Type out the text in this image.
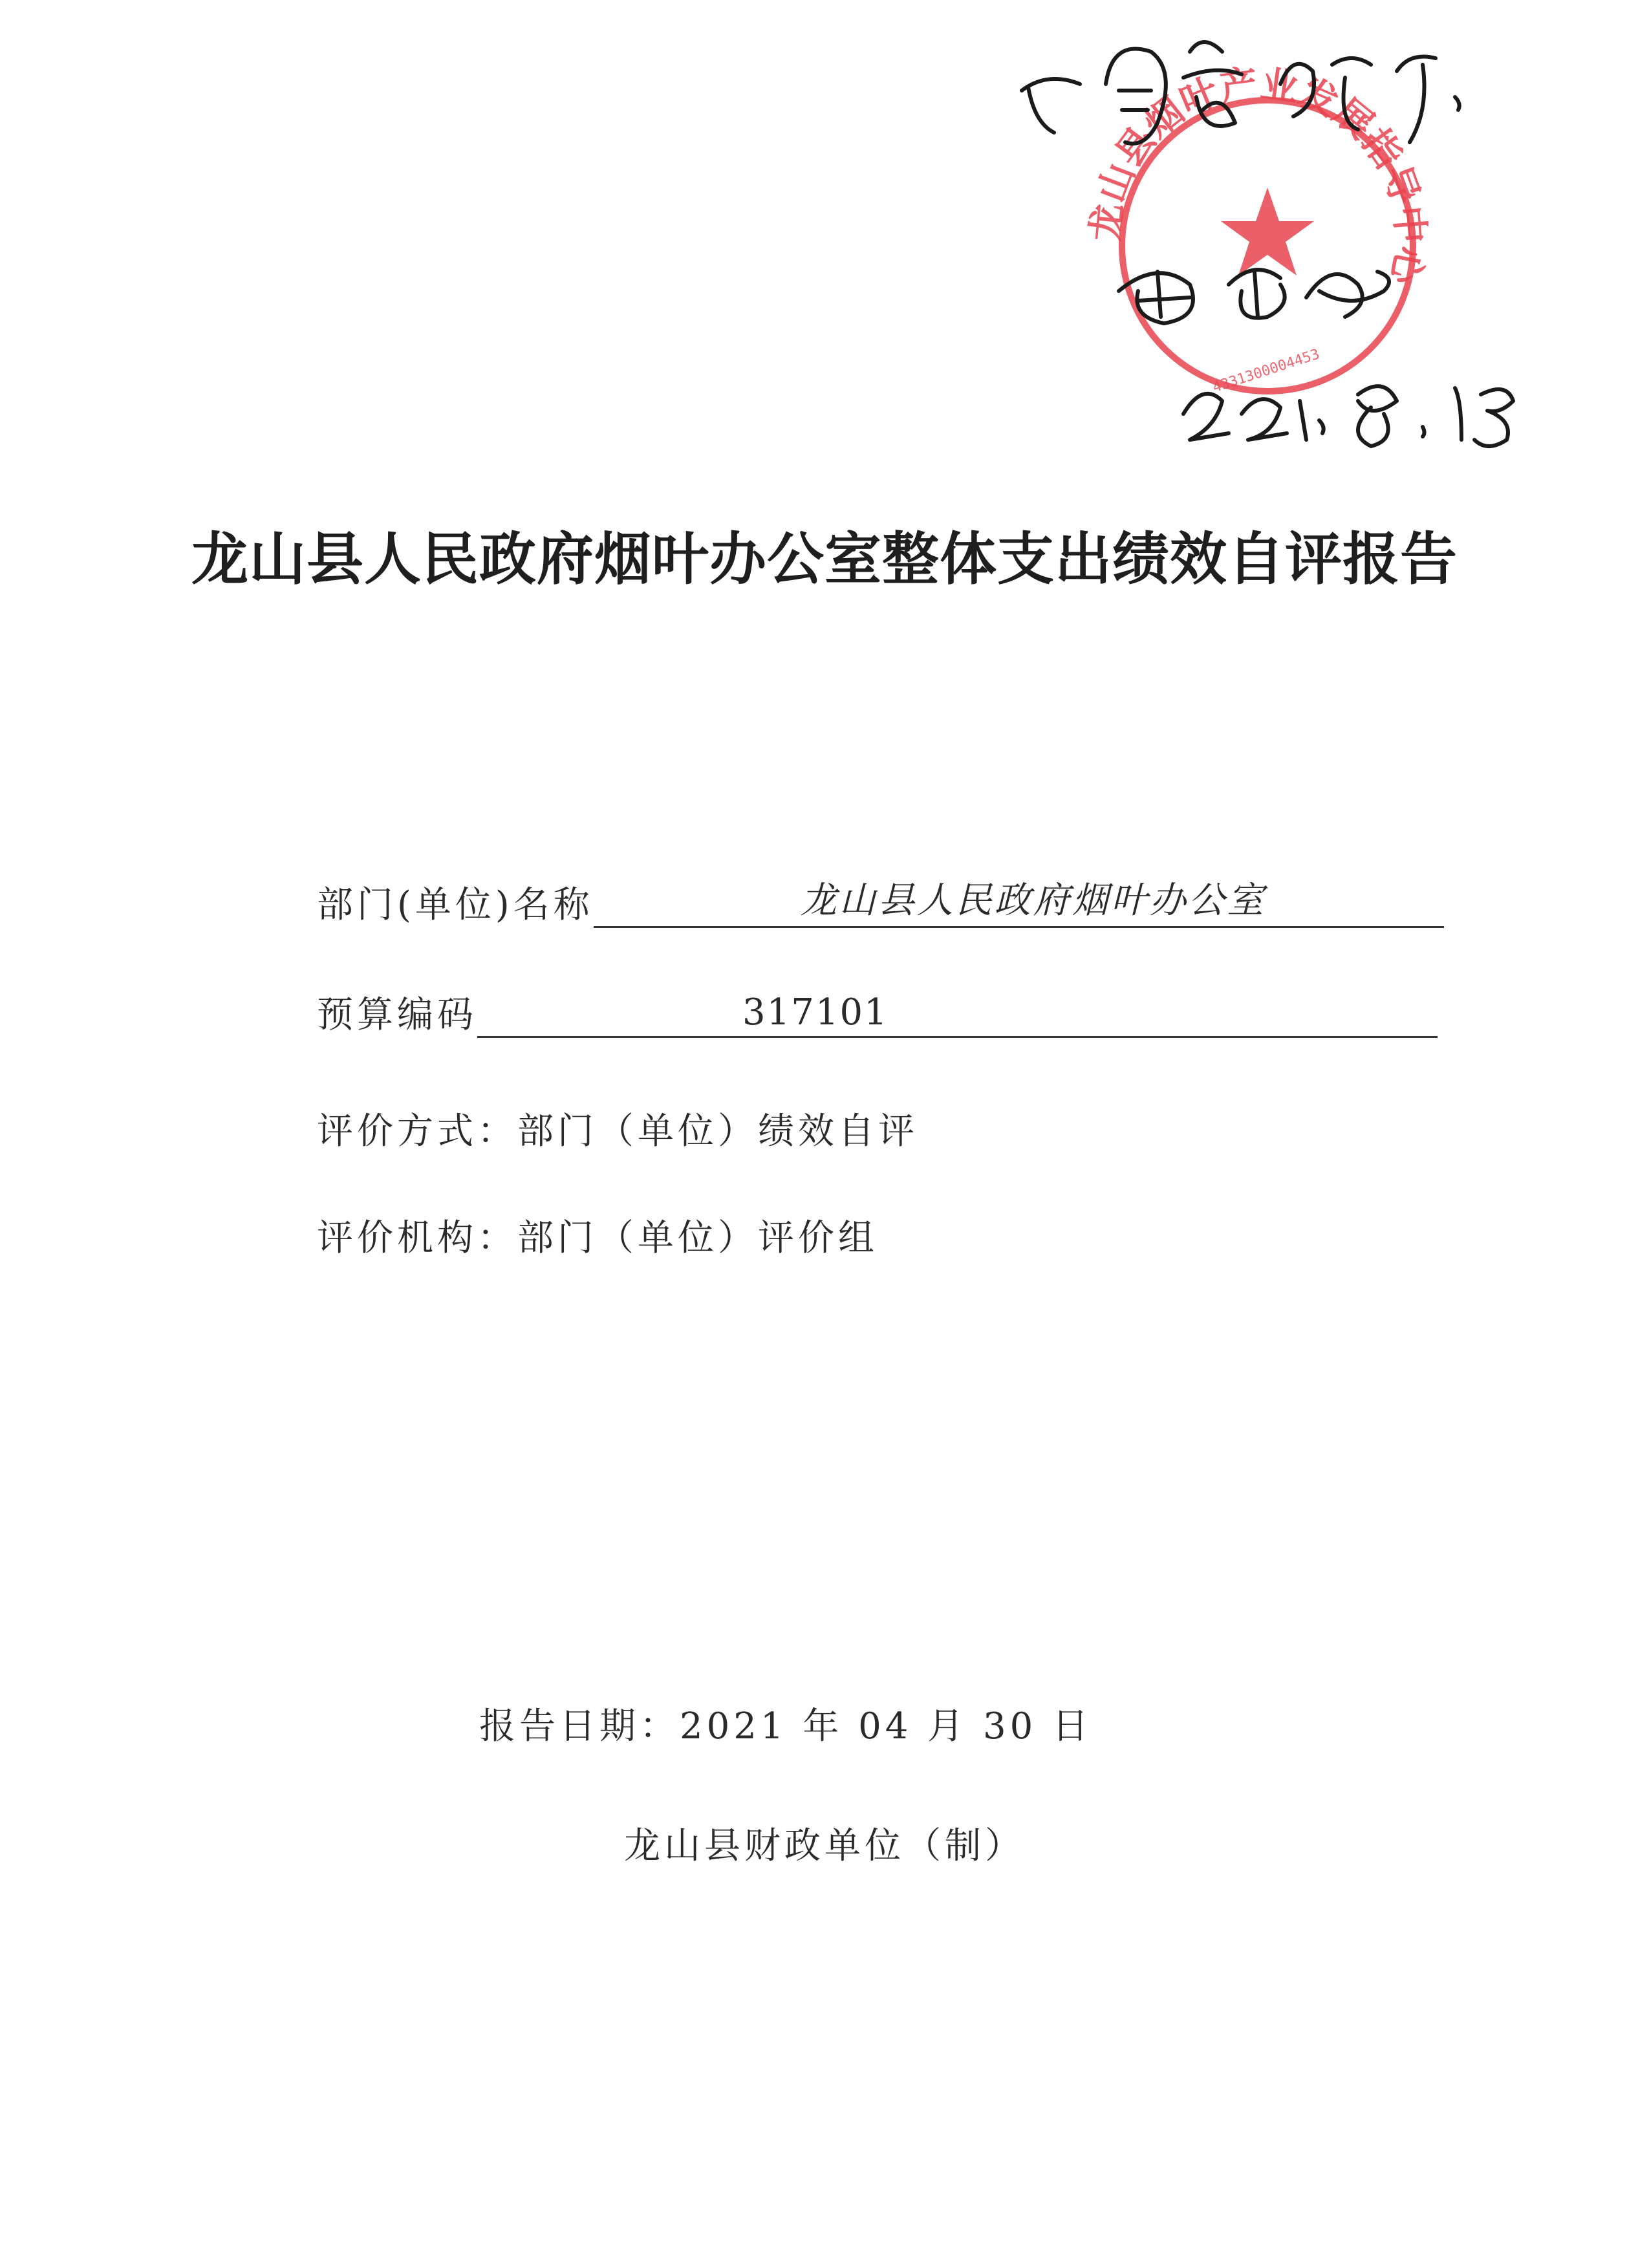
龙山县烟叶产业发展指导中心
4331300004453
龙山县人民政府烟叶办公室整体支出绩效自评报告
部门(单位)名称	龙山县人民政府烟叶办公室
预算编码	317101
评价方式：部门（单位）绩效自评
评价机构：部门（单位）评价组
报告日期：2021 年 04 月 30 日
龙山县财政单位（制）
